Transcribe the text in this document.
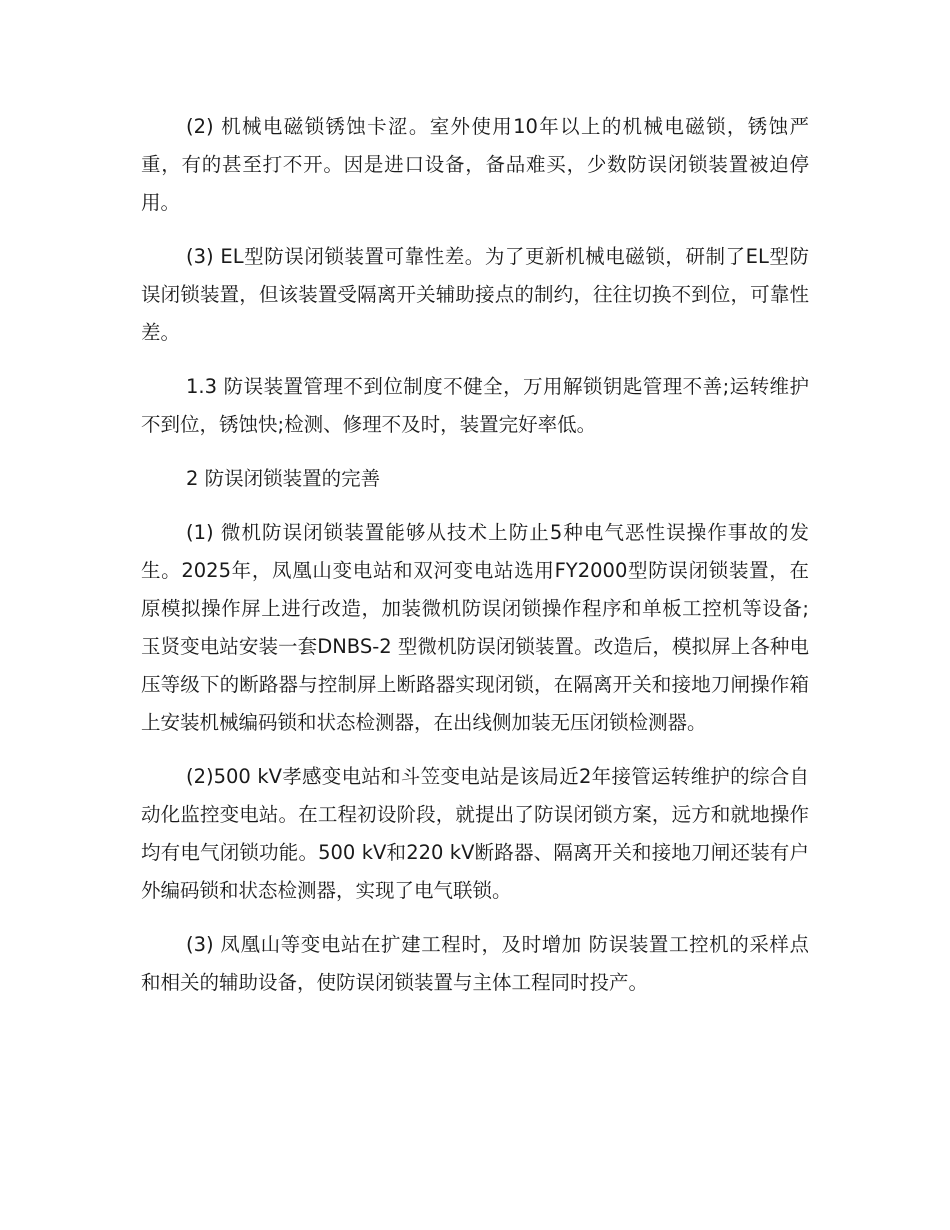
(2) 机械电磁锁锈蚀卡涩。室外使用10年以上的机械电磁锁，锈蚀严重，有的甚至打不开。因是进口设备，备品难买，少数防误闭锁装置被迫停用。

(3) EL型防误闭锁装置可靠性差。为了更新机械电磁锁，研制了EL型防误闭锁装置，但该装置受隔离开关辅助接点的制约，往往切换不到位，可靠性差。

1.3 防误装置管理不到位制度不健全，万用解锁钥匙管理不善;运转维护不到位，锈蚀快;检测、修理不及时，装置完好率低。

2 防误闭锁装置的完善

(1) 微机防误闭锁装置能够从技术上防止5种电气恶性误操作事故的发生。2025年，凤凰山变电站和双河变电站选用FY2000型防误闭锁装置，在原模拟操作屏上进行改造，加装微机防误闭锁操作程序和单板工控机等设备;玉贤变电站安装一套DNBS-2 型微机防误闭锁装置。改造后，模拟屏上各种电压等级下的断路器与控制屏上断路器实现闭锁，在隔离开关和接地刀闸操作箱上安装机械编码锁和状态检测器，在出线侧加装无压闭锁检测器。

(2)500 kV孝感变电站和斗笠变电站是该局近2年接管运转维护的综合自动化监控变电站。在工程初设阶段，就提出了防误闭锁方案，远方和就地操作均有电气闭锁功能。500 kV和220 kV断路器、隔离开关和接地刀闸还装有户外编码锁和状态检测器，实现了电气联锁。

(3) 凤凰山等变电站在扩建工程时，及时增加 防误装置工控机的采样点和相关的辅助设备，使防误闭锁装置与主体工程同时投产。
